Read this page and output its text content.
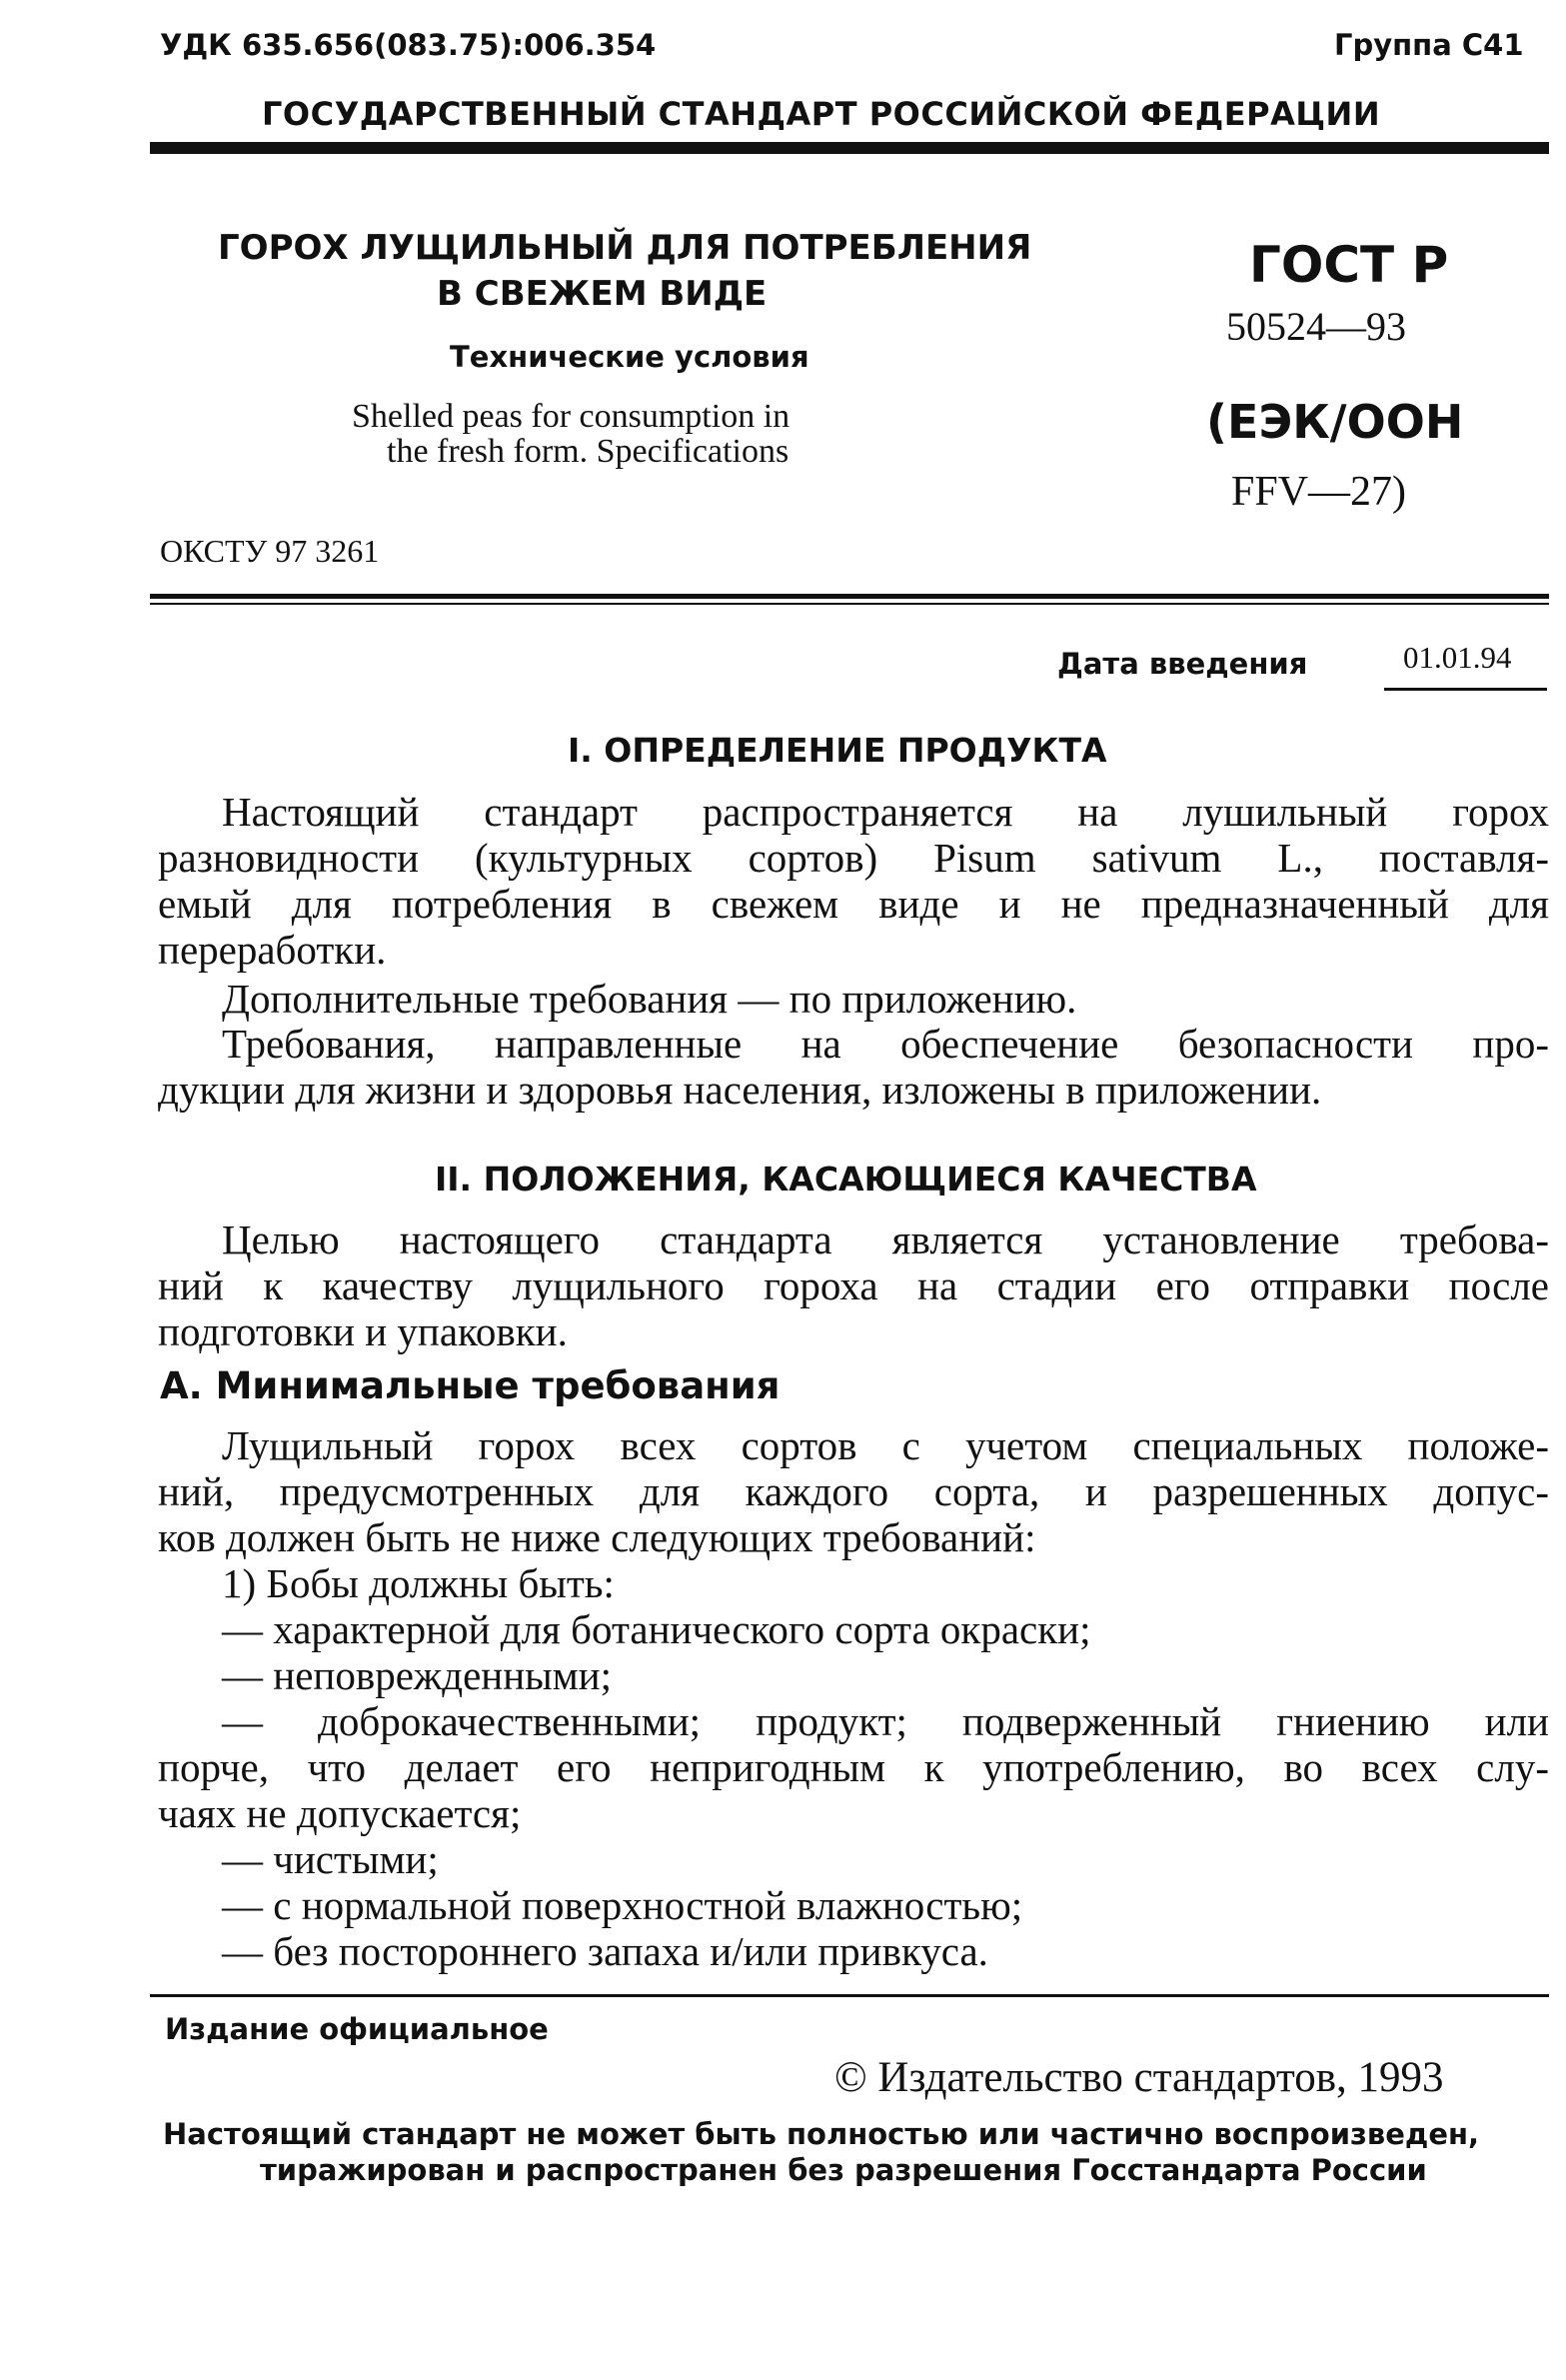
УДК 635.656(083.75):006.354	Группа C41
ГОСУДАРСТВЕННЫЙ СТАНДАРТ РОССИЙСКОЙ ФЕДЕРАЦИИ
ГОРОХ ЛУЩИЛЬНЫЙ ДЛЯ ПОТРЕБЛЕНИЯ
В СВЕЖЕМ ВИДЕ
Технические условия
Shelled peas for consumption in
the fresh form. Specifications
ГОСТ Р
50524—93
(ЕЭК/ООН
FFV—27)
ОКСТУ 97 3261
Дата введения	01.01.94
I. ОПРЕДЕЛЕНИЕ ПРОДУКТА
Настоящий стандарт распространяется на лушильный горох
разновидности (культурных сортов) Pisum sativum L., поставля-
емый для потребления в свежем виде и не предназначенный для
переработки.
Дополнительные требования — по приложению.
Требования, направленные на обеспечение безопасности про-
дукции для жизни и здоровья населения, изложены в приложении.
II. ПОЛОЖЕНИЯ, КАСАЮЩИЕСЯ КАЧЕСТВА
Целью настоящего стандарта является установление требова-
ний к качеству лущильного гороха на стадии его отправки после
подготовки и упаковки.
А. Минимальные требования
Лущильный горох всех сортов с учетом специальных положе-
ний, предусмотренных для каждого сорта, и разрешенных допус-
ков должен быть не ниже следующих требований:
1) Бобы должны быть:
— характерной для ботанического сорта окраски;
— неповрежденными;
— доброкачественными; продукт; подверженный гниению или
порче, что делает его непригодным к употреблению, во всех слу-
чаях не допускается;
— чистыми;
— с нормальной поверхностной влажностью;
— без постороннего запаха и/или привкуса.
Издание официальное
© Издательство стандартов, 1993
Настоящий стандарт не может быть полностью или частично воспроизведен,
тиражирован и распространен без разрешения Госстандарта России
